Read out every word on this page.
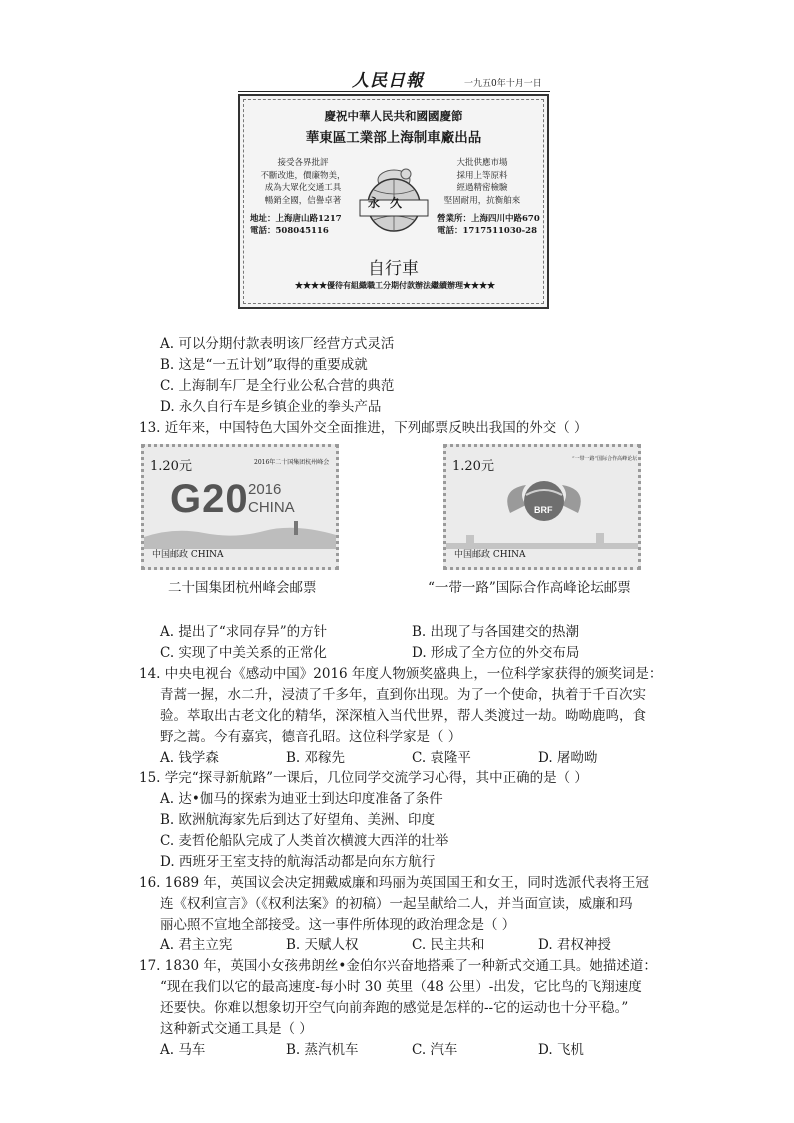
人民日報	一九五0年十月一日
慶祝中華人民共和國國慶節
華東區工業部上海制車廠出品
接受各界批評
不斷改進，價廉物美，
成為大眾化交通工具
暢銷全國，信譽卓著
大批供應市場
採用上等原料
經過精密檢驗
堅固耐用，抗衡舶來
地址：上海唐山路1217
電話：508045116
營業所：上海四川中路670
電話：1717511030-28
永久
自行車
★★★★優待有組織職工分期付款辦法繼續辦理★★★★
A. 可以分期付款表明该厂经营方式灵活
B. 这是“一五计划”取得的重要成就
C. 上海制车厂是全行业公私合营的典范
D. 永久自行车是乡镇企业的拳头产品
13. 近年来，中国特色大国外交全面推进，下列邮票反映出我国的外交（ ）
1.20元	2016年二十国集团杭州峰会
G20 2016
CHINA
中国邮政 CHINA
二十国集团杭州峰会邮票
1.20元	“一带一路”国际合作高峰论坛
BRF
中国邮政 CHINA
“一带一路”国际合作高峰论坛邮票
A. 提出了“求同存异”的方针	B. 出现了与各国建交的热潮
C. 实现了中美关系的正常化	D. 形成了全方位的外交布局
14. 中央电视台《感动中国》2016 年度人物颁奖盛典上，一位科学家获得的颁奖词是：
青蒿一握，水二升，浸渍了千多年，直到你出现。为了一个使命，执着于千百次实
验。萃取出古老文化的精华，深深植入当代世界，帮人类渡过一劫。呦呦鹿鸣，食
野之蒿。今有嘉宾，德音孔昭。这位科学家是（ ）
A. 钱学森	B. 邓稼先	C. 袁隆平	D. 屠呦呦
15. 学完“探寻新航路”一课后，几位同学交流学习心得，其中正确的是（ ）
A. 达•伽马的探索为迪亚士到达印度准备了条件
B. 欧洲航海家先后到达了好望角、美洲、印度
C. 麦哲伦船队完成了人类首次横渡大西洋的壮举
D. 西班牙王室支持的航海活动都是向东方航行
16. 1689 年，英国议会决定拥戴威廉和玛丽为英国国王和女王，同时选派代表将王冠
连《权利宣言》（《权利法案》的初稿）一起呈献给二人，并当面宣读，威廉和玛
丽心照不宣地全部接受。这一事件所体现的政治理念是（ ）
A. 君主立宪	B. 天赋人权	C. 民主共和	D. 君权神授
17. 1830 年，英国小女孩弗朗丝•金伯尔兴奋地搭乘了一种新式交通工具。她描述道：
“现在我们以它的最高速度-每小时 30 英里（48 公里）-出发，它比鸟的飞翔速度
还要快。你难以想象切开空气向前奔跑的感觉是怎样的--它的运动也十分平稳。”
这种新式交通工具是（ ）
A. 马车	B. 蒸汽机车	C. 汽车	D. 飞机
